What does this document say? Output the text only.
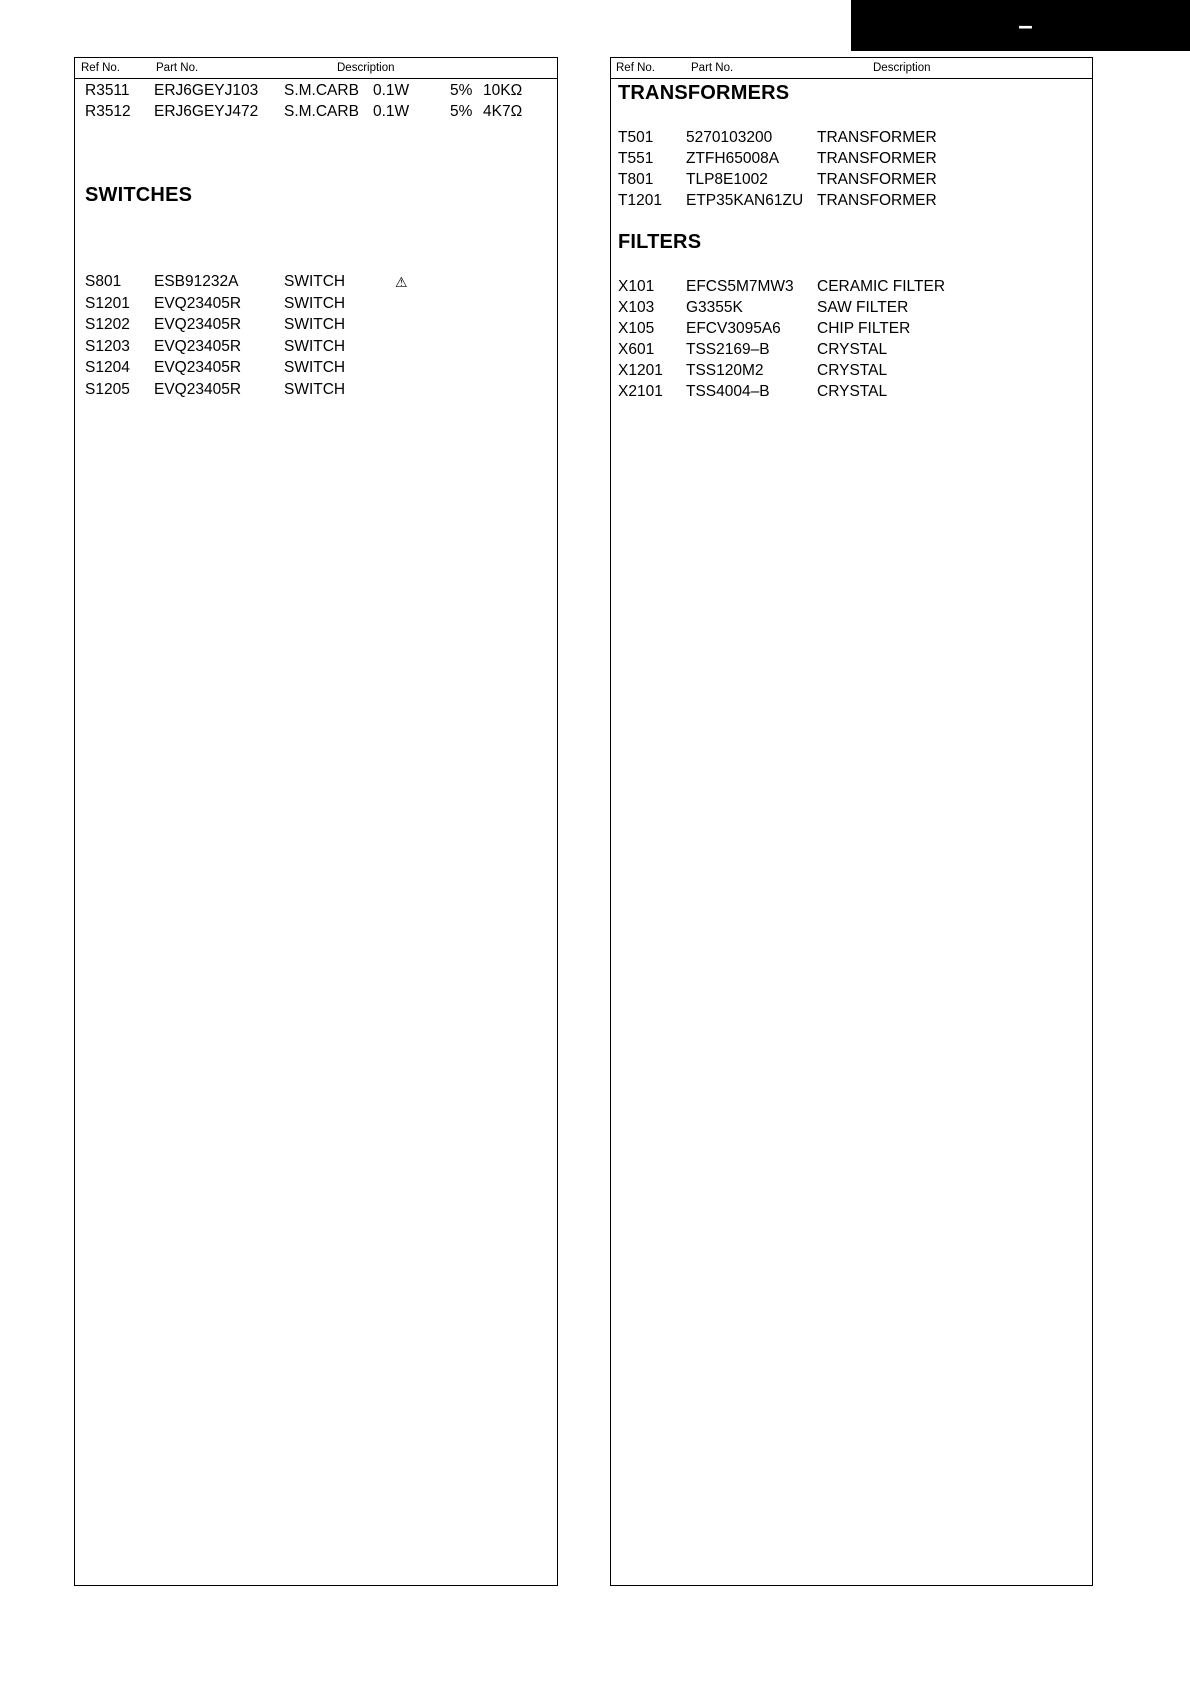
–
Ref No.	Part No.	Description
R3511 ERJ6GEYJ103 S.M.CARB 0.1W	5% 10KΩ
R3512 ERJ6GEYJ472 S.M.CARB 0.1W	5% 4K7Ω
SWITCHES
S801 ESB91232A	SWITCH	⚠
S1201 EVQ23405R	SWITCH
S1202 EVQ23405R	SWITCH
S1203 EVQ23405R	SWITCH
S1204 EVQ23405R	SWITCH
S1205 EVQ23405R	SWITCH
Ref No.	Part No.	Description
TRANSFORMERS
T501 5270103200	TRANSFORMER
T551 ZTFH65008A TRANSFORMER
T801 TLP8E1002	TRANSFORMER
T1201 ETP35KAN61ZU TRANSFORMER
FILTERS
X101 EFCS5M7MW3 CERAMIC FILTER
X103 G3355K	SAW FILTER
X105 EFCV3095A6 CHIP FILTER
X601 TSS2169–B	CRYSTAL
X1201 TSS120M2	CRYSTAL
X2101 TSS4004–B	CRYSTAL
